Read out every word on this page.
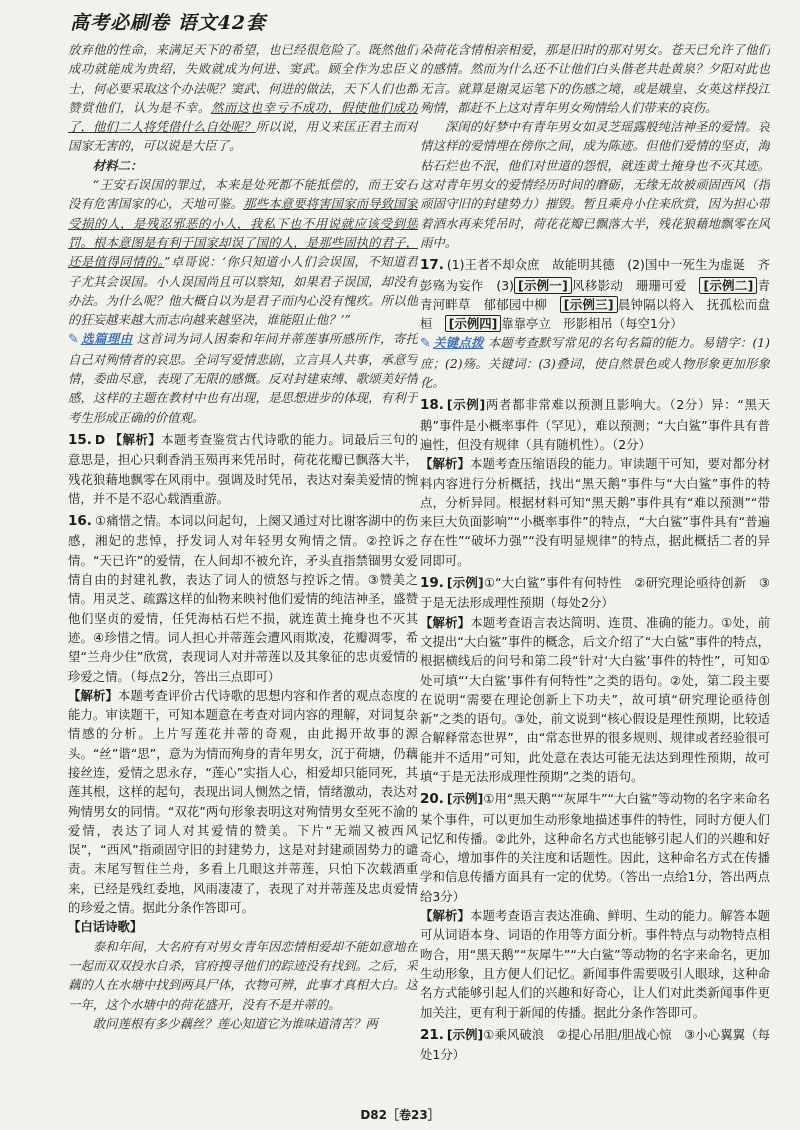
高考必刷卷 语文42套

放弃他的性命，来满足天下的希望，也已经很危险了。既然他们成功就能成为贵绍，失败就成为何进、窦武。顾全作为忠臣义士，何必要采取这个办法呢？窦武、何进的做法，天下人们也都赞赏他们，认为是不幸。然而这也幸亏不成功，假使他们成功了，他们二人将凭借什么自处呢？所以说，用义来匡正君主而对国家无害的，可以说是大臣了。

材料二：

“王安石误国的罪过，本来是处死都不能抵偿的，而王安石没有危害国家的心，天地可鉴。那些本意要将害国家而导致国家受损的人，是残忍邪恶的小人，我私下也不用说就应该受到惩罚。根本意图是有利于国家却误了国的人，是那些固执的君子，还是值得同情的。”卓哥说：‘你只知道小人们会误国，不知道君子尤其会误国。小人误国尚且可以察知，如果君子误国，却没有办法。为什么呢？他大概自以为是君子而内心没有愧疚。所以他的狂妄越来越大而志向越来越坚决，谁能阻止他？’”

✎ 选篇理由 这首词为词人困秦和年间并蒂莲事所感所作，寄托自己对殉情者的哀思。全词写爱情悲剧，立言具人共事，承意写情，委曲尽意，表现了无限的感慨。反对封建束缚、歌颂美好情感，这样的主题在教材中也有出现，是思想进步的体现，有利于考生形成正确的价值观。

15. D 【解析】本题考查鉴赏古代诗歌的能力。词最后三句的意思是，担心只剩香消玉殒再来凭吊时，荷花花瓣已飘落大半，残花狼藉地飘零在风雨中。强调及时凭吊，表达对秦美爱情的惋惜，并不是不忍心载酒重游。

16. ①痛惜之情。本词以问起句，上阕又通过对比谢客湖中的伤感，湘妃的悲悼，抒发词人对年轻男女殉情之情。②控诉之情。“天已许”的爱情，在人间却不被允许，矛头直指禁锢男女爱情自由的封建礼教，表达了词人的愤怒与控诉之情。③赞美之情。用灵芝、疏露这样的仙物来映衬他们爱情的纯洁神圣，盛赞他们坚贞的爱情，任凭海枯石烂不损，就连黄土掩身也不灭其迹。④珍惜之情。词人担心并蒂莲会遭风雨欺凌，花瓣凋零，希望“兰舟少住”欣赏，表现词人对并蒂莲以及其象征的忠贞爱情的珍爱之情。（每点2分，答出三点即可）

【解析】本题考查评价古代诗歌的思想内容和作者的观点态度的能力。审读题干，可知本题意在考查对词内容的理解，对词复杂情感的分析。上片写莲花并蒂的奇观，由此揭开故事的源头。“丝”谐“思”，意为为情而殉身的青年男女，沉于荷塘，仍藕接丝连，爱情之思永存，“莲心”实指人心，相爱却只能同死，其莲其根，这样的起句，表现出词人恻然之情，情绪激动，表达对殉情男女的同情。“双花”两句形象表明这对殉情男女至死不渝的爱情，表达了词人对其爱情的赞美。下片“无端又被西风误”，“西风”指顽固守旧的封建势力，这是对封建顽固势力的谴责。末尾写暂住兰舟，多看上几眼这并蒂莲，只怕下次载酒重来，已经是残红委地，风雨凄凄了，表现了对并蒂莲及忠贞爱情的珍爱之情。据此分条作答即可。

【白话诗歌】

泰和年间，大名府有对男女青年因恋情相爱却不能如意地在一起而双双投水自杀，官府搜寻他们的踪迹没有找到。之后，采藕的人在水塘中找到两具尸体，衣物可辨，此事才真相大白。这一年，这个水塘中的荷花盛开，没有不是并蒂的。

敢问莲根有多少藕丝？莲心知道它为谁味道清苦？两

朵荷花含情相亲相爱，那是旧时的那对男女。苍天已允许了他们的感情。然而为什么还不让他们白头偕老共赴黄泉？夕阳对此也无言。就算是谢灵运笔下的伤感之境，或是娥皇、女英这样投江殉情，都赶不上这对青年男女殉情给人们带来的哀伤。

深闺的好梦中有青年男女如灵芝瑶露般纯洁神圣的爱情。哀情这样的爱情埋在傍你之间，成为陈迹。但他们爱情的坚贞，海枯石烂也不泯，他们对世道的怨恨，就连黄土掩身也不灭其迹。这对青年男女的爱情经历时间的磨砺，无缘无故被顽固西风（指顽固守旧的封建势力）摧毁。暂且乘舟小住来欣赏，因为担心带着酒水再来凭吊时，荷花花瓣已飘落大半，残花狼藉地飘零在风雨中。

17. (1)王者不却众庶　故能明其德　(2)国中一死生为虚诞　齐彭殇为妄作　(3) [示例一] 风移影动　珊珊可爱　[示例二] 青青河畔草　郁郁园中柳　[示例三] 晨钟隔以将入　抚孤松而盘桓　[示例四] 靠靠亭立　形影相吊（每空1分）

✎ 关键点拨 本题考查默写常见的名句名篇的能力。易错字：(1)庶；(2)殇。关键词：(3)叠词，使自然景色或人物形象更加形象化。

18. [示例]两者都非常难以预测且影响大。（2分）异：“黑天鹅”事件是小概率事件（罕见），难以预测；“大白鲨”事件具有普遍性，但没有规律（具有随机性）。（2分）

【解析】本题考查压缩语段的能力。审读题干可知，要对都分材料内容进行分析概括，找出“黑天鹅”事件与“大白鲨”事件的特点，分析异同。根据材料可知“黑天鹅”事件具有“难以预测”“带来巨大负面影响”“小概率事件”的特点，“大白鲨”事件具有“普遍存在性”“破坏力强”“没有明显规律”的特点，据此概括二者的异同即可。

19. [示例]①“大白鲨”事件有何特性　②研究理论亟待创新　③于是无法形成理性预期（每处2分）

【解析】本题考查语言表达简明、连贯、准确的能力。①处，前文提出“大白鲨”事件的概念，后文介绍了“大白鲨”事件的特点，根据横线后的问号和第二段“针对‘大白鲨’事件的特性”，可知①处可填“‘大白鲨’事件有何特性”之类的语句。②处，第二段主要在说明“需要在理论创新上下功夫”，故可填“研究理论亟待创新”之类的语句。③处，前文说到“核心假设是理性预期，比较适合解释常态世界”，由“常态世界的很多规则、规律或者经验很可能并不适用”可知，此处意在表达可能无法达到理性预期，故可填“于是无法形成理性预期”之类的语句。

20. [示例]①用“黑天鹅”“灰犀牛”“大白鲨”等动物的名字来命名某个事件，可以更加生动形象地描述事件的特性，同时方便人们记忆和传播。②此外，这种命名方式也能够引起人们的兴趣和好奇心，增加事件的关注度和话题性。因此，这种命名方式在传播学和信息传播方面具有一定的优势。（答出一点给1分，答出两点给3分）

【解析】本题考查语言表达准确、鲜明、生动的能力。解答本题可从词语本身、词语的作用等方面分析。事件特点与动物特点相吻合，用“黑天鹅”“灰犀牛”“大白鲨”等动物的名字来命名，更加生动形象，且方便人们记忆。新闻事件需要吸引人眼球，这种命名方式能够引起人们的兴趣和好奇心，让人们对此类新闻事件更加关注，更有利于新闻的传播。据此分条作答即可。

21. [示例]①乘风破浪　②提心吊胆/胆战心惊　③小心翼翼（每处1分）

D82［卷23］
